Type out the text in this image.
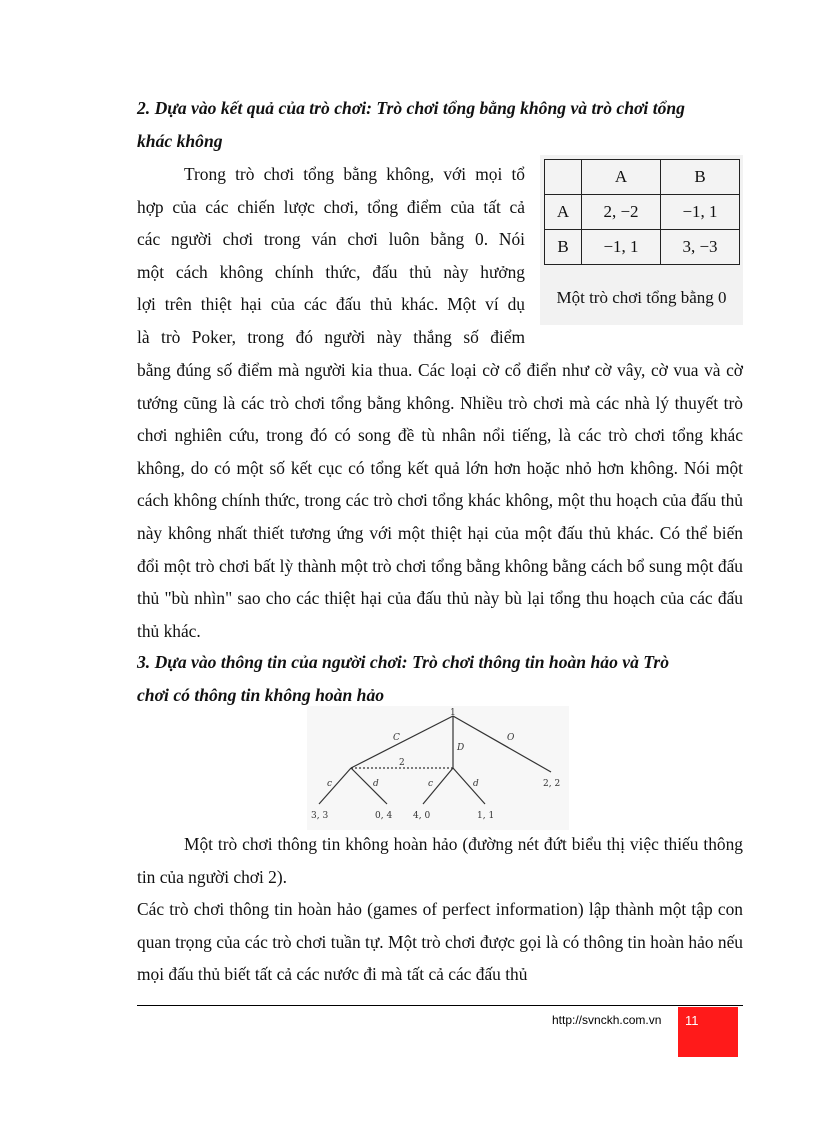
2. Dựa vào kết quả của trò chơi: Trò chơi tổng bằng không và trò chơi tổng
khác không
Trong trò chơi tổng bằng không, với mọi tổ
hợp của các chiến lược chơi, tổng điểm của tất cả
các người chơi trong ván chơi luôn bằng 0. Nói
một cách không chính thức, đấu thủ này hưởng
lợi trên thiệt hại của các đấu thủ khác. Một ví dụ
là trò Poker, trong đó người này thắng số điểm
	A	B
A	2, −2	−1, 1
B	−1, 1	3, −3
Một trò chơi tổng bằng 0

bằng đúng số điểm mà người kia thua. Các loại cờ cổ điển như cờ vây, cờ vua và cờ tướng cũng là các trò chơi tổng bằng không. Nhiều trò chơi mà các nhà lý thuyết trò chơi nghiên cứu, trong đó có song đề tù nhân nổi tiếng, là các trò chơi tổng khác không, do có một số kết cục có tổng kết quả lớn hơn hoặc nhỏ hơn không. Nói một cách không chính thức, trong các trò chơi tổng khác không, một thu hoạch của đấu thủ này không nhất thiết tương ứng với một thiệt hại của một đấu thủ khác. Có thể biến đổi một trò chơi bất lỳ thành một trò chơi tổng bằng không bằng cách bổ sung một đấu thủ "bù nhìn" sao cho các thiệt hại của đấu thủ này bù lại tổng thu hoạch của các đấu thủ khác.

3. Dựa vào thông tin của người chơi: Trò chơi thông tin hoàn hảo và Trò
chơi có thông tin không hoàn hảo
1
C
D
O
2
c	d	c	d
3, 3	0, 4 4, 0	1, 1
2, 2

Một trò chơi thông tin không hoàn hảo (đường nét đứt biểu thị việc thiếu thông tin của người chơi 2).

Các trò chơi thông tin hoàn hảo (games of perfect information) lập thành một tập con quan trọng của các trò chơi tuần tự. Một trò chơi được gọi là có thông tin hoàn hảo nếu mọi đấu thủ biết tất cả các nước đi mà tất cả các đấu thủ

http://svnckh.com.vn 11
